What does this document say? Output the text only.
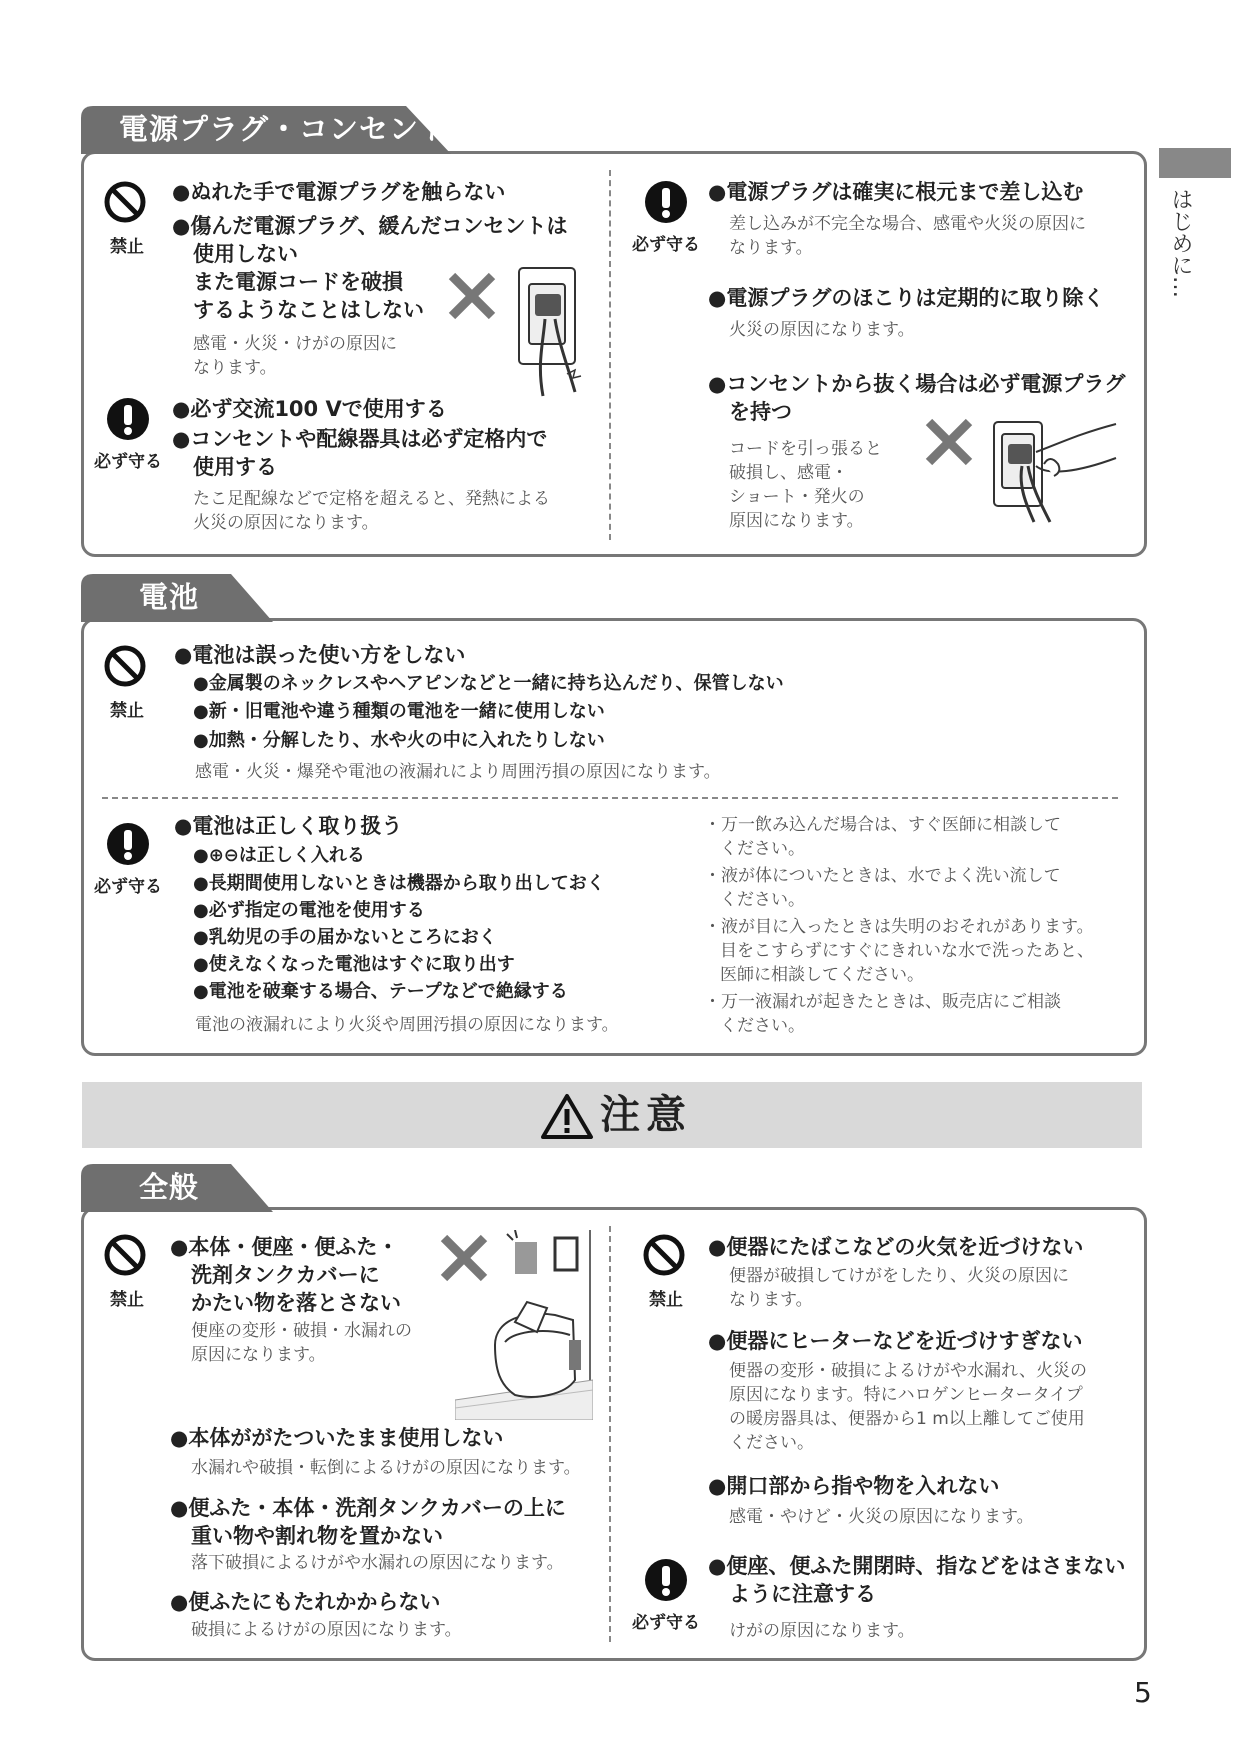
はじめに…
電源プラグ・コンセント
禁止
●ぬれた手で電源プラグを触らない
●傷んだ電源プラグ、緩んだコンセントは
使用しない
また電源コードを破損
するようなことはしない
感電・火災・けがの原因に
なります。
必ず守る
●必ず交流100 Vで使用する
●コンセントや配線器具は必ず定格内で
使用する
たこ足配線などで定格を超えると、発熱による
火災の原因になります。
必ず守る
●電源プラグは確実に根元まで差し込む
差し込みが不完全な場合、感電や火災の原因に
なります。
●電源プラグのほこりは定期的に取り除く
火災の原因になります。
●コンセントから抜く場合は必ず電源プラグ
を持つ
コードを引っ張ると
破損し、感電・
ショート・発火の
原因になります。
電池
禁止
●電池は誤った使い方をしない
●金属製のネックレスやヘアピンなどと一緒に持ち込んだり、保管しない
●新・旧電池や違う種類の電池を一緒に使用しない
●加熱・分解したり、水や火の中に入れたりしない
感電・火災・爆発や電池の液漏れにより周囲汚損の原因になります。
必ず守る
●電池は正しく取り扱う
●⊕⊖は正しく入れる
●長期間使用しないときは機器から取り出しておく
●必ず指定の電池を使用する
●乳幼児の手の届かないところにおく
●使えなくなった電池はすぐに取り出す
●電池を破棄する場合、テープなどで絶縁する
電池の液漏れにより火災や周囲汚損の原因になります。
・万一飲み込んだ場合は、すぐ医師に相談して
ください。
・液が体についたときは、水でよく洗い流して
ください。
・液が目に入ったときは失明のおそれがあります。
目をこすらずにすぐにきれいな水で洗ったあと、
医師に相談してください。
・万一液漏れが起きたときは、販売店にご相談
ください。
注意
全般
禁止
●本体・便座・便ふた・
洗剤タンクカバーに
かたい物を落とさない
便座の変形・破損・水漏れの
原因になります。
●本体ががたついたまま使用しない
水漏れや破損・転倒によるけがの原因になります。
●便ふた・本体・洗剤タンクカバーの上に
重い物や割れ物を置かない
落下破損によるけがや水漏れの原因になります。
●便ふたにもたれかからない
破損によるけがの原因になります。
禁止
●便器にたばこなどの火気を近づけない
便器が破損してけがをしたり、火災の原因に
なります。
●便器にヒーターなどを近づけすぎない
便器の変形・破損によるけがや水漏れ、火災の
原因になります。特にハロゲンヒータータイプ
の暖房器具は、便器から1 m以上離してご使用
ください。
●開口部から指や物を入れない
感電・やけど・火災の原因になります。
必ず守る
●便座、便ふた開閉時、指などをはさまない
ように注意する
けがの原因になります。
5
